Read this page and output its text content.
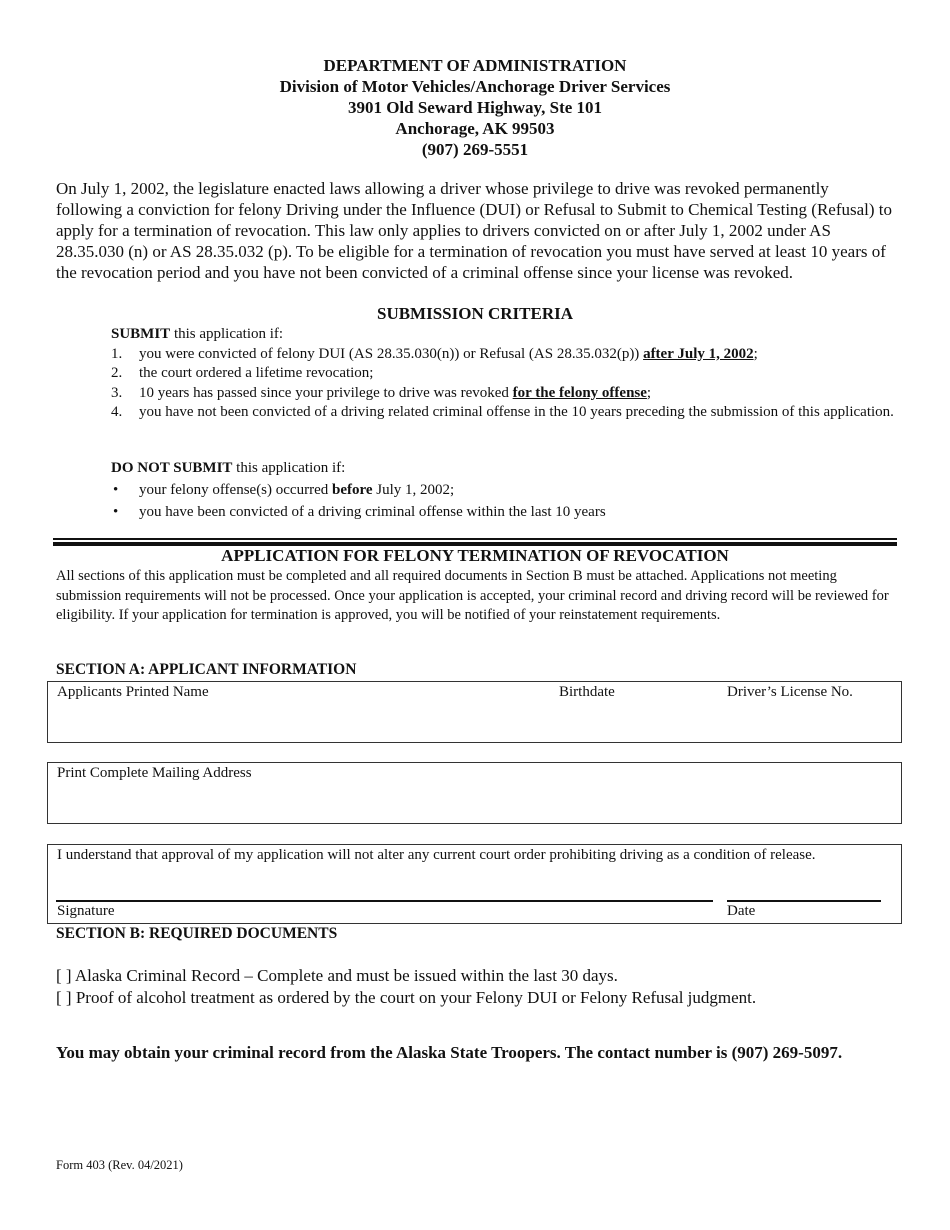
DEPARTMENT OF ADMINISTRATION
Division of Motor Vehicles/Anchorage Driver Services
3901 Old Seward Highway, Ste 101
Anchorage, AK 99503
(907) 269-5551
On July 1, 2002, the legislature enacted laws allowing a driver whose privilege to drive was revoked permanently following a conviction for felony Driving under the Influence (DUI) or Refusal to Submit to Chemical Testing (Refusal) to apply for a termination of revocation. This law only applies to drivers convicted on or after July 1, 2002 under AS 28.35.030 (n) or AS 28.35.032 (p). To be eligible for a termination of revocation you must have served at least 10 years of the revocation period and you have not been convicted of a criminal offense since your license was revoked.
SUBMISSION CRITERIA

SUBMIT this application if:

1. you were convicted of felony DUI (AS 28.35.030(n)) or Refusal (AS 28.35.032(p)) after July 1, 2002;
2. the court ordered a lifetime revocation;
3. 10 years has passed since your privilege to drive was revoked for the felony offense;
4. you have not been convicted of a driving related criminal offense in the 10 years preceding the submission of this application.

DO NOT SUBMIT this application if:

• your felony offense(s) occurred before July 1, 2002;
• you have been convicted of a driving criminal offense within the last 10 years
APPLICATION FOR FELONY TERMINATION OF REVOCATION
All sections of this application must be completed and all required documents in Section B must be attached. Applications not meeting submission requirements will not be processed. Once your application is accepted, your criminal record and driving record will be reviewed for eligibility. If your application for termination is approved, you will be notified of your reinstatement requirements.
SECTION A: APPLICANT INFORMATION
Applicants Printed Name	Birthdate	Driver’s License No.
Print Complete Mailing Address
I understand that approval of my application will not alter any current court order prohibiting driving as a condition of release.
Signature	Date
SECTION B: REQUIRED DOCUMENTS
[ ] Alaska Criminal Record – Complete and must be issued within the last 30 days.
[ ] Proof of alcohol treatment as ordered by the court on your Felony DUI or Felony Refusal judgment.
You may obtain your criminal record from the Alaska State Troopers. The contact number is (907) 269-5097.
Form 403 (Rev. 04/2021)
